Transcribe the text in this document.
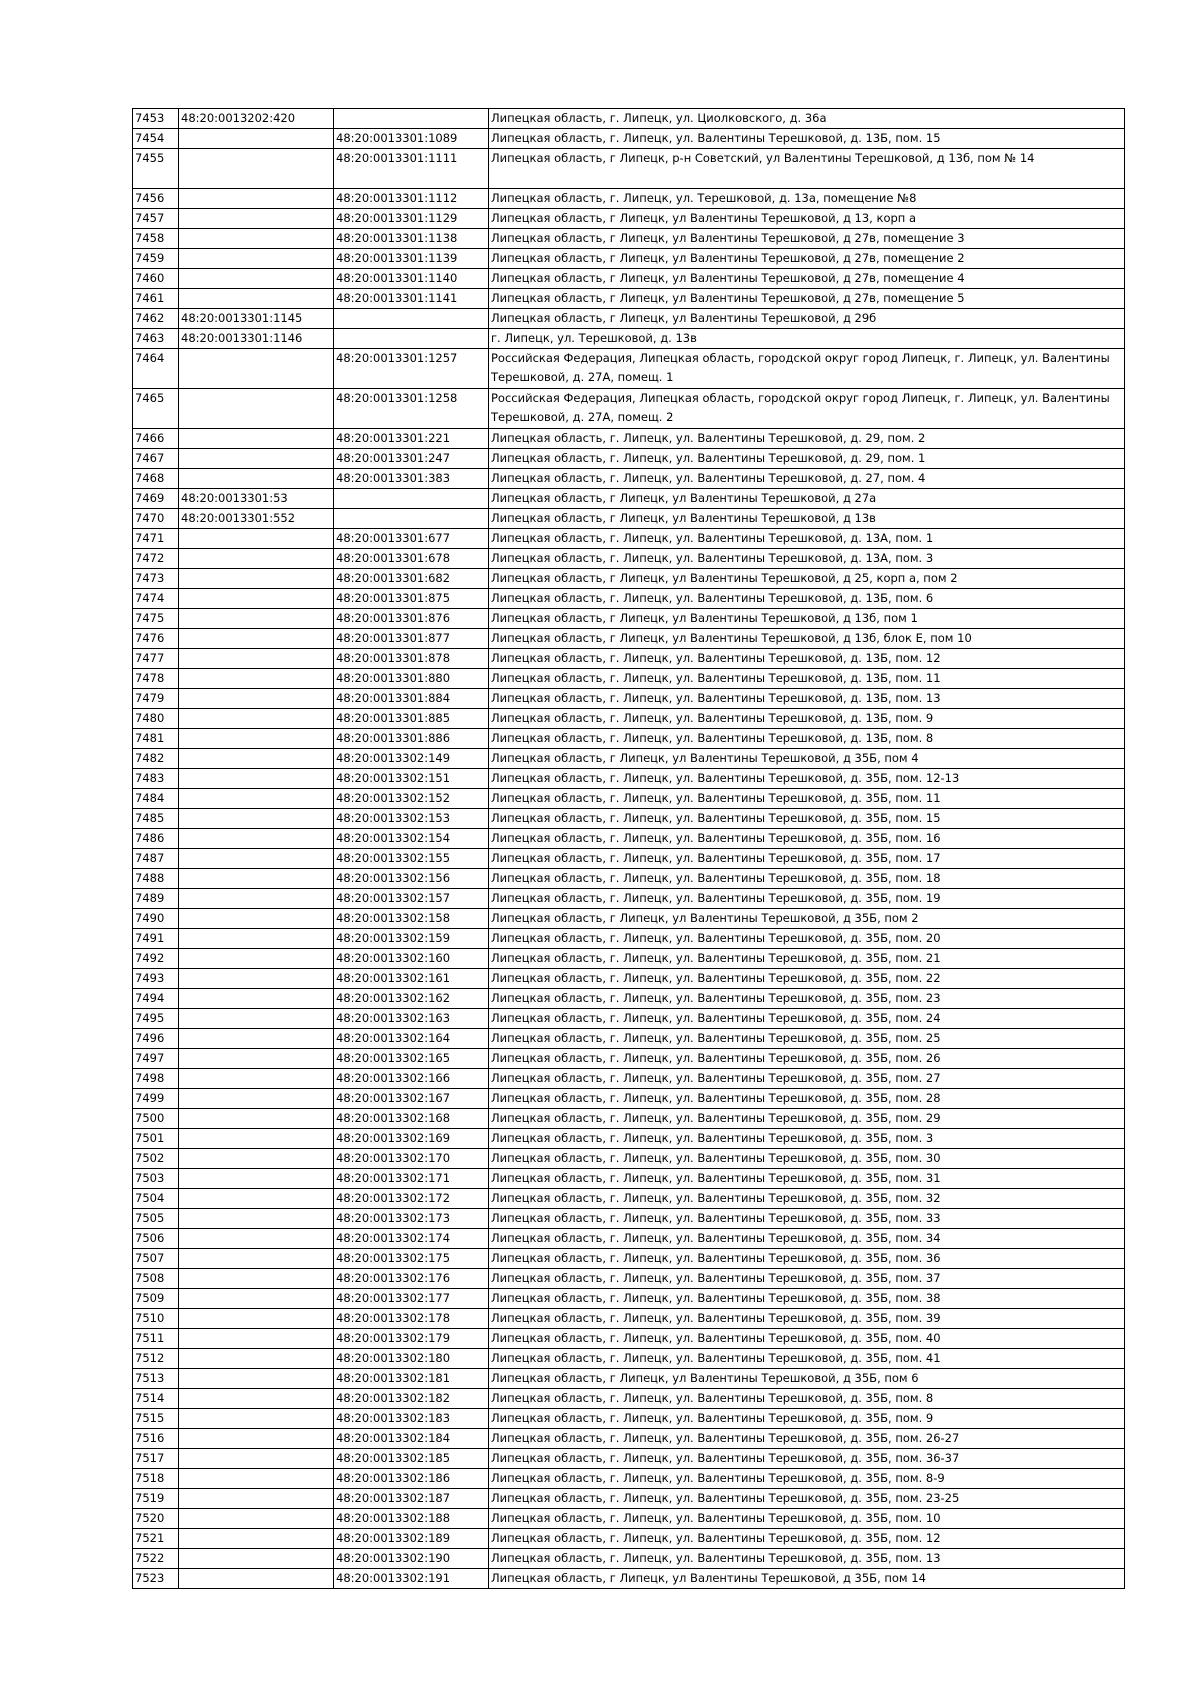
7453	48:20:0013202:420		Липецкая область, г. Липецк, ул. Циолковского, д. 36а
7454		48:20:0013301:1089	Липецкая область, г. Липецк, ул. Валентины Терешковой, д. 13Б, пом. 15
7455		48:20:0013301:1111	Липецкая область, г Липецк, р-н Советский, ул Валентины Терешковой, д 13б, пом № 14
7456		48:20:0013301:1112	Липецкая область, г. Липецк, ул. Терешковой, д. 13а, помещение №8
7457		48:20:0013301:1129	Липецкая область, г Липецк, ул Валентины Терешковой, д 13, корп а
7458		48:20:0013301:1138	Липецкая область, г Липецк, ул Валентины Терешковой, д 27в, помещение 3
7459		48:20:0013301:1139	Липецкая область, г Липецк, ул Валентины Терешковой, д 27в, помещение 2
7460		48:20:0013301:1140	Липецкая область, г Липецк, ул Валентины Терешковой, д 27в, помещение 4
7461		48:20:0013301:1141	Липецкая область, г Липецк, ул Валентины Терешковой, д 27в, помещение 5
7462	48:20:0013301:1145		Липецкая область, г Липецк, ул Валентины Терешковой, д 29б
7463	48:20:0013301:1146		г. Липецк, ул. Терешковой, д. 13в
7464		48:20:0013301:1257	Российская Федерация, Липецкая область, городской округ город Липецк, г. Липецк, ул. Валентины Терешковой, д. 27А, помещ. 1
7465		48:20:0013301:1258	Российская Федерация, Липецкая область, городской округ город Липецк, г. Липецк, ул. Валентины Терешковой, д. 27А, помещ. 2
7466		48:20:0013301:221	Липецкая область, г. Липецк, ул. Валентины Терешковой, д. 29, пом. 2
7467		48:20:0013301:247	Липецкая область, г. Липецк, ул. Валентины Терешковой, д. 29, пом. 1
7468		48:20:0013301:383	Липецкая область, г. Липецк, ул. Валентины Терешковой, д. 27, пом. 4
7469	48:20:0013301:53		Липецкая область, г Липецк, ул Валентины Терешковой, д 27а
7470	48:20:0013301:552		Липецкая область, г Липецк, ул Валентины Терешковой, д 13в
7471		48:20:0013301:677	Липецкая область, г. Липецк, ул. Валентины Терешковой, д. 13А, пом. 1
7472		48:20:0013301:678	Липецкая область, г. Липецк, ул. Валентины Терешковой, д. 13А, пом. 3
7473		48:20:0013301:682	Липецкая область, г Липецк, ул Валентины Терешковой, д 25, корп а, пом 2
7474		48:20:0013301:875	Липецкая область, г. Липецк, ул. Валентины Терешковой, д. 13Б, пом. 6
7475		48:20:0013301:876	Липецкая область, г Липецк, ул Валентины Терешковой, д 13б, пом 1
7476		48:20:0013301:877	Липецкая область, г Липецк, ул Валентины Терешковой, д 13б, блок Е, пом 10
7477		48:20:0013301:878	Липецкая область, г. Липецк, ул. Валентины Терешковой, д. 13Б, пом. 12
7478		48:20:0013301:880	Липецкая область, г. Липецк, ул. Валентины Терешковой, д. 13Б, пом. 11
7479		48:20:0013301:884	Липецкая область, г. Липецк, ул. Валентины Терешковой, д. 13Б, пом. 13
7480		48:20:0013301:885	Липецкая область, г. Липецк, ул. Валентины Терешковой, д. 13Б, пом. 9
7481		48:20:0013301:886	Липецкая область, г. Липецк, ул. Валентины Терешковой, д. 13Б, пом. 8
7482		48:20:0013302:149	Липецкая область, г Липецк, ул Валентины Терешковой, д 35Б, пом 4
7483		48:20:0013302:151	Липецкая область, г. Липецк, ул. Валентины Терешковой, д. 35Б, пом. 12-13
7484		48:20:0013302:152	Липецкая область, г. Липецк, ул. Валентины Терешковой, д. 35Б, пом. 11
7485		48:20:0013302:153	Липецкая область, г. Липецк, ул. Валентины Терешковой, д. 35Б, пом. 15
7486		48:20:0013302:154	Липецкая область, г. Липецк, ул. Валентины Терешковой, д. 35Б, пом. 16
7487		48:20:0013302:155	Липецкая область, г. Липецк, ул. Валентины Терешковой, д. 35Б, пом. 17
7488		48:20:0013302:156	Липецкая область, г. Липецк, ул. Валентины Терешковой, д. 35Б, пом. 18
7489		48:20:0013302:157	Липецкая область, г. Липецк, ул. Валентины Терешковой, д. 35Б, пом. 19
7490		48:20:0013302:158	Липецкая область, г Липецк, ул Валентины Терешковой, д 35Б, пом 2
7491		48:20:0013302:159	Липецкая область, г. Липецк, ул. Валентины Терешковой, д. 35Б, пом. 20
7492		48:20:0013302:160	Липецкая область, г. Липецк, ул. Валентины Терешковой, д. 35Б, пом. 21
7493		48:20:0013302:161	Липецкая область, г. Липецк, ул. Валентины Терешковой, д. 35Б, пом. 22
7494		48:20:0013302:162	Липецкая область, г. Липецк, ул. Валентины Терешковой, д. 35Б, пом. 23
7495		48:20:0013302:163	Липецкая область, г. Липецк, ул. Валентины Терешковой, д. 35Б, пом. 24
7496		48:20:0013302:164	Липецкая область, г. Липецк, ул. Валентины Терешковой, д. 35Б, пом. 25
7497		48:20:0013302:165	Липецкая область, г. Липецк, ул. Валентины Терешковой, д. 35Б, пом. 26
7498		48:20:0013302:166	Липецкая область, г. Липецк, ул. Валентины Терешковой, д. 35Б, пом. 27
7499		48:20:0013302:167	Липецкая область, г. Липецк, ул. Валентины Терешковой, д. 35Б, пом. 28
7500		48:20:0013302:168	Липецкая область, г. Липецк, ул. Валентины Терешковой, д. 35Б, пом. 29
7501		48:20:0013302:169	Липецкая область, г. Липецк, ул. Валентины Терешковой, д. 35Б, пом. 3
7502		48:20:0013302:170	Липецкая область, г. Липецк, ул. Валентины Терешковой, д. 35Б, пом. 30
7503		48:20:0013302:171	Липецкая область, г. Липецк, ул. Валентины Терешковой, д. 35Б, пом. 31
7504		48:20:0013302:172	Липецкая область, г. Липецк, ул. Валентины Терешковой, д. 35Б, пом. 32
7505		48:20:0013302:173	Липецкая область, г. Липецк, ул. Валентины Терешковой, д. 35Б, пом. 33
7506		48:20:0013302:174	Липецкая область, г. Липецк, ул. Валентины Терешковой, д. 35Б, пом. 34
7507		48:20:0013302:175	Липецкая область, г. Липецк, ул. Валентины Терешковой, д. 35Б, пом. 36
7508		48:20:0013302:176	Липецкая область, г. Липецк, ул. Валентины Терешковой, д. 35Б, пом. 37
7509		48:20:0013302:177	Липецкая область, г. Липецк, ул. Валентины Терешковой, д. 35Б, пом. 38
7510		48:20:0013302:178	Липецкая область, г. Липецк, ул. Валентины Терешковой, д. 35Б, пом. 39
7511		48:20:0013302:179	Липецкая область, г. Липецк, ул. Валентины Терешковой, д. 35Б, пом. 40
7512		48:20:0013302:180	Липецкая область, г. Липецк, ул. Валентины Терешковой, д. 35Б, пом. 41
7513		48:20:0013302:181	Липецкая область, г Липецк, ул Валентины Терешковой, д 35Б, пом 6
7514		48:20:0013302:182	Липецкая область, г. Липецк, ул. Валентины Терешковой, д. 35Б, пом. 8
7515		48:20:0013302:183	Липецкая область, г. Липецк, ул. Валентины Терешковой, д. 35Б, пом. 9
7516		48:20:0013302:184	Липецкая область, г. Липецк, ул. Валентины Терешковой, д. 35Б, пом. 26-27
7517		48:20:0013302:185	Липецкая область, г. Липецк, ул. Валентины Терешковой, д. 35Б, пом. 36-37
7518		48:20:0013302:186	Липецкая область, г. Липецк, ул. Валентины Терешковой, д. 35Б, пом. 8-9
7519		48:20:0013302:187	Липецкая область, г. Липецк, ул. Валентины Терешковой, д. 35Б, пом. 23-25
7520		48:20:0013302:188	Липецкая область, г. Липецк, ул. Валентины Терешковой, д. 35Б, пом. 10
7521		48:20:0013302:189	Липецкая область, г. Липецк, ул. Валентины Терешковой, д. 35Б, пом. 12
7522		48:20:0013302:190	Липецкая область, г. Липецк, ул. Валентины Терешковой, д. 35Б, пом. 13
7523		48:20:0013302:191	Липецкая область, г Липецк, ул Валентины Терешковой, д 35Б, пом 14
